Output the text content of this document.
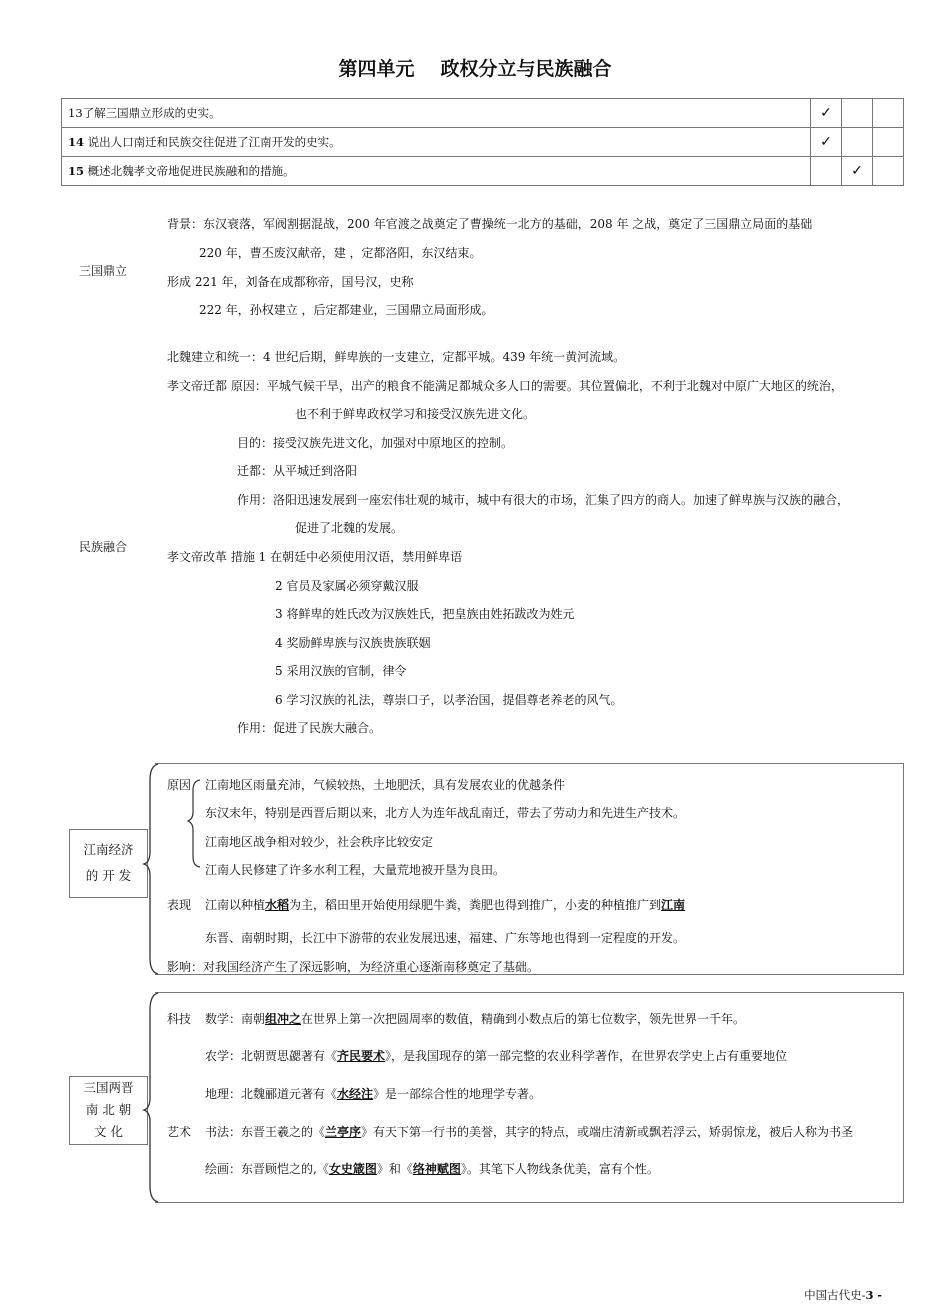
第四单元 政权分立与民族融合
13了解三国鼎立形成的史实。	✓		
14 说出人口南迁和民族交往促进了江南开发的史实。	✓		
15 概述北魏孝文帝地促进民族融和的措施。		✓	
三国鼎立
背景：东汉衰落，军阀割据混战，200 年官渡之战奠定了曹操统一北方的基础，208 年 之战，奠定了三国鼎立局面的基础
220 年，曹丕废汉献帝，建 ，定都洛阳，东汉结束。
形成 221 年，刘备在成都称帝，国号汉，史称
222 年，孙权建立 ，后定都建业，三国鼎立局面形成。
民族融合
北魏建立和统一：4 世纪后期，鲜卑族的一支建立，定都平城。439 年统一黄河流域。
孝文帝迁都 原因：平城气候干旱，出产的粮食不能满足都城众多人口的需要。其位置偏北，不利于北魏对中原广大地区的统治，
也不利于鲜卑政权学习和接受汉族先进文化。
目的：接受汉族先进文化，加强对中原地区的控制。
迁都：从平城迁到洛阳
作用：洛阳迅速发展到一座宏伟壮观的城市，城中有很大的市场，汇集了四方的商人。加速了鲜卑族与汉族的融合，
促进了北魏的发展。
孝文帝改革 措施 1 在朝廷中必须使用汉语，禁用鲜卑语
2 官员及家属必须穿戴汉服
3 将鲜卑的姓氏改为汉族姓氏，把皇族由姓拓跋改为姓元
4 奖励鲜卑族与汉族贵族联姻
5 采用汉族的官制，律令
6 学习汉族的礼法，尊崇口子，以孝治国，提倡尊老养老的风气。
作用：促进了民族大融合。
江南经济
的 开 发
原因 江南地区雨量充沛，气候较热，土地肥沃，具有发展农业的优越条件
东汉末年，特别是西晋后期以来，北方人为连年战乱南迁，带去了劳动力和先进生产技术。
江南地区战争相对较少，社会秩序比较安定
江南人民修建了许多水利工程，大量荒地被开垦为良田。
表现 江南以种植水稻为主，稻田里开始使用绿肥牛粪，粪肥也得到推广，小麦的种植推广到江南
东晋、南朝时期，长江中下游带的农业发展迅速，福建、广东等地也得到一定程度的开发。
影响：对我国经济产生了深远影响，为经济重心逐渐南移奠定了基础。
三国两晋
南 北 朝
文 化
科技 数学：南朝组冲之在世界上第一次把圆周率的数值，精确到小数点后的第七位数字，领先世界一千年。
农学：北朝贾思勰著有《齐民要术》，是我国现存的第一部完整的农业科学著作，在世界农学史上占有重要地位
地理：北魏郦道元著有《水经注》是一部综合性的地理学专著。
艺术 书法：东晋王羲之的《兰亭序》有天下第一行书的美誉，其字的特点，或端庄清新或飘若浮云，矫弱惊龙，被后人称为书圣
绘画：东晋顾恺之的,《女史箴图》和《络神赋图》。其笔下人物线条优美，富有个性。
中国古代史-3 -
